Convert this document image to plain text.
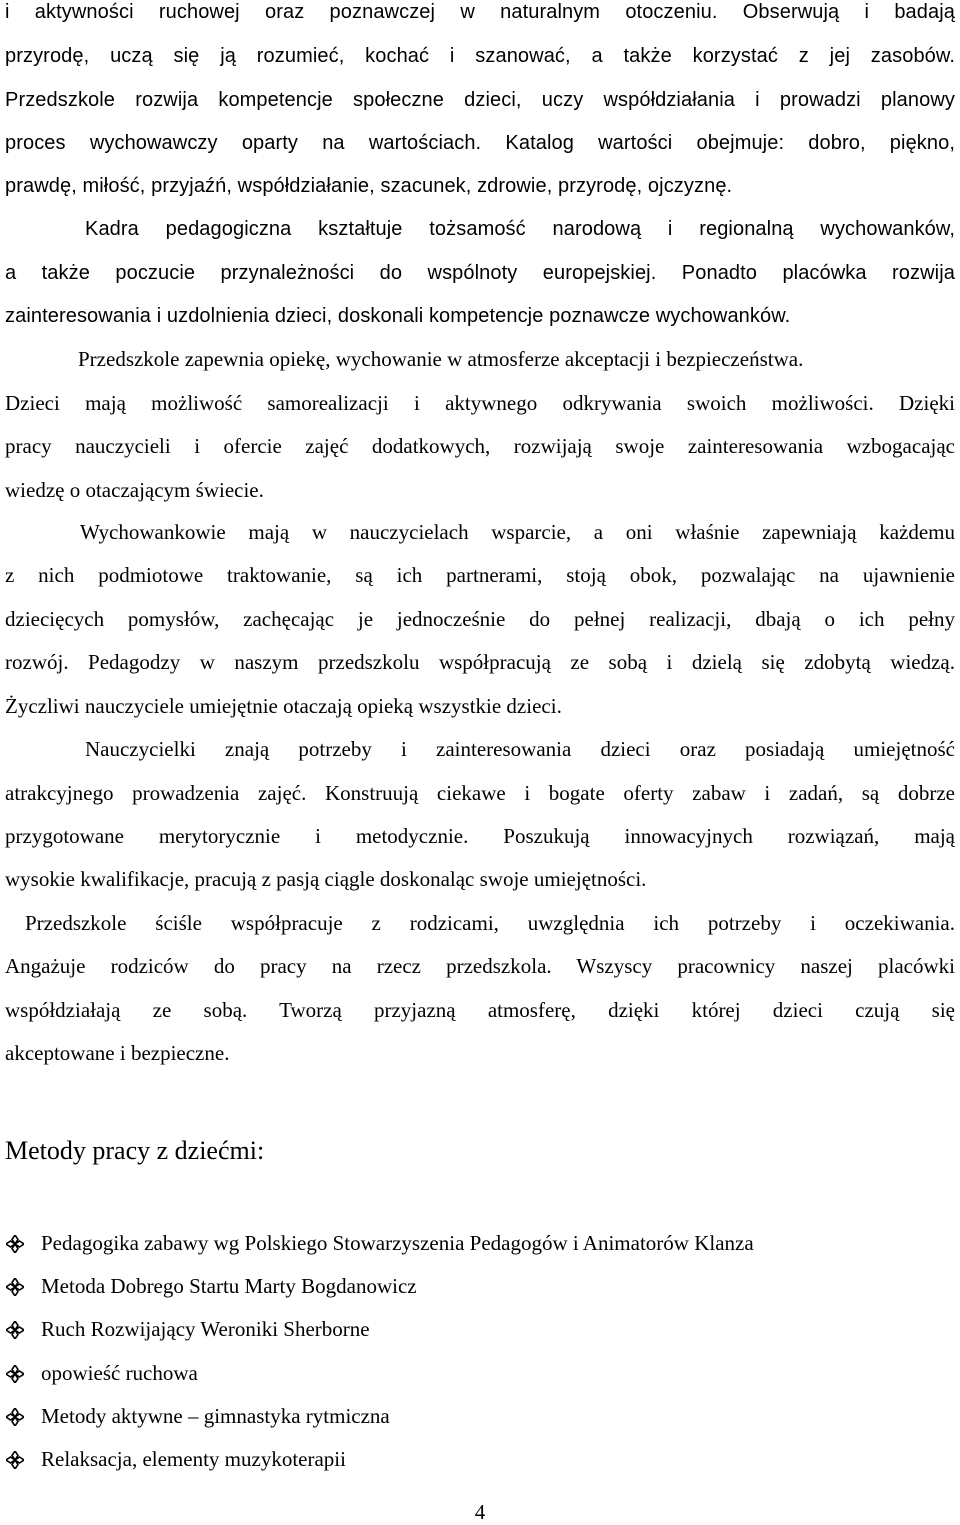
i aktywności ruchowej oraz poznawczej w naturalnym otoczeniu. Obserwują i badają
przyrodę, uczą się ją rozumieć, kochać i szanować, a także korzystać z jej zasobów.
Przedszkole rozwija kompetencje społeczne dzieci, uczy współdziałania i prowadzi planowy
proces wychowawczy oparty na wartościach. Katalog wartości obejmuje: dobro, piękno,
prawdę, miłość, przyjaźń, współdziałanie, szacunek, zdrowie, przyrodę, ojczyznę.
Kadra pedagogiczna kształtuje tożsamość narodową i regionalną wychowanków,
a także poczucie przynależności do wspólnoty europejskiej. Ponadto placówka rozwija
zainteresowania i uzdolnienia dzieci, doskonali kompetencje poznawcze wychowanków.
Przedszkole zapewnia opiekę, wychowanie w atmosferze akceptacji i bezpieczeństwa.
Dzieci mają możliwość samorealizacji i aktywnego odkrywania swoich możliwości. Dzięki
pracy nauczycieli i ofercie zajęć dodatkowych, rozwijają swoje zainteresowania wzbogacając
wiedzę o otaczającym świecie.
Wychowankowie mają w nauczycielach wsparcie, a oni właśnie zapewniają każdemu
z nich podmiotowe traktowanie, są ich partnerami, stoją obok, pozwalając na ujawnienie
dziecięcych pomysłów, zachęcając je jednocześnie do pełnej realizacji, dbają o ich pełny
rozwój. Pedagodzy w naszym przedszkolu współpracują ze sobą i dzielą się zdobytą wiedzą.
Życzliwi nauczyciele umiejętnie otaczają opieką wszystkie dzieci.
Nauczycielki znają potrzeby i zainteresowania dzieci oraz posiadają umiejętność
atrakcyjnego prowadzenia zajęć. Konstruują ciekawe i bogate oferty zabaw i zadań, są dobrze
przygotowane merytorycznie i metodycznie. Poszukują innowacyjnych rozwiązań, mają
wysokie kwalifikacje, pracują z pasją ciągle doskonaląc swoje umiejętności.
Przedszkole ściśle współpracuje z rodzicami, uwzględnia ich potrzeby i oczekiwania.
Angażuje rodziców do pracy na rzecz przedszkola. Wszyscy pracownicy naszej placówki
współdziałają ze sobą. Tworzą przyjazną atmosferę, dzięki której dzieci czują się
akceptowane i bezpieczne.
Metody pracy z dziećmi:
Pedagogika zabawy wg Polskiego Stowarzyszenia Pedagogów i Animatorów Klanza
Metoda Dobrego Startu Marty Bogdanowicz
Ruch Rozwijający Weroniki Sherborne
opowieść ruchowa
Metody aktywne – gimnastyka rytmiczna
Relaksacja, elementy muzykoterapii
4
